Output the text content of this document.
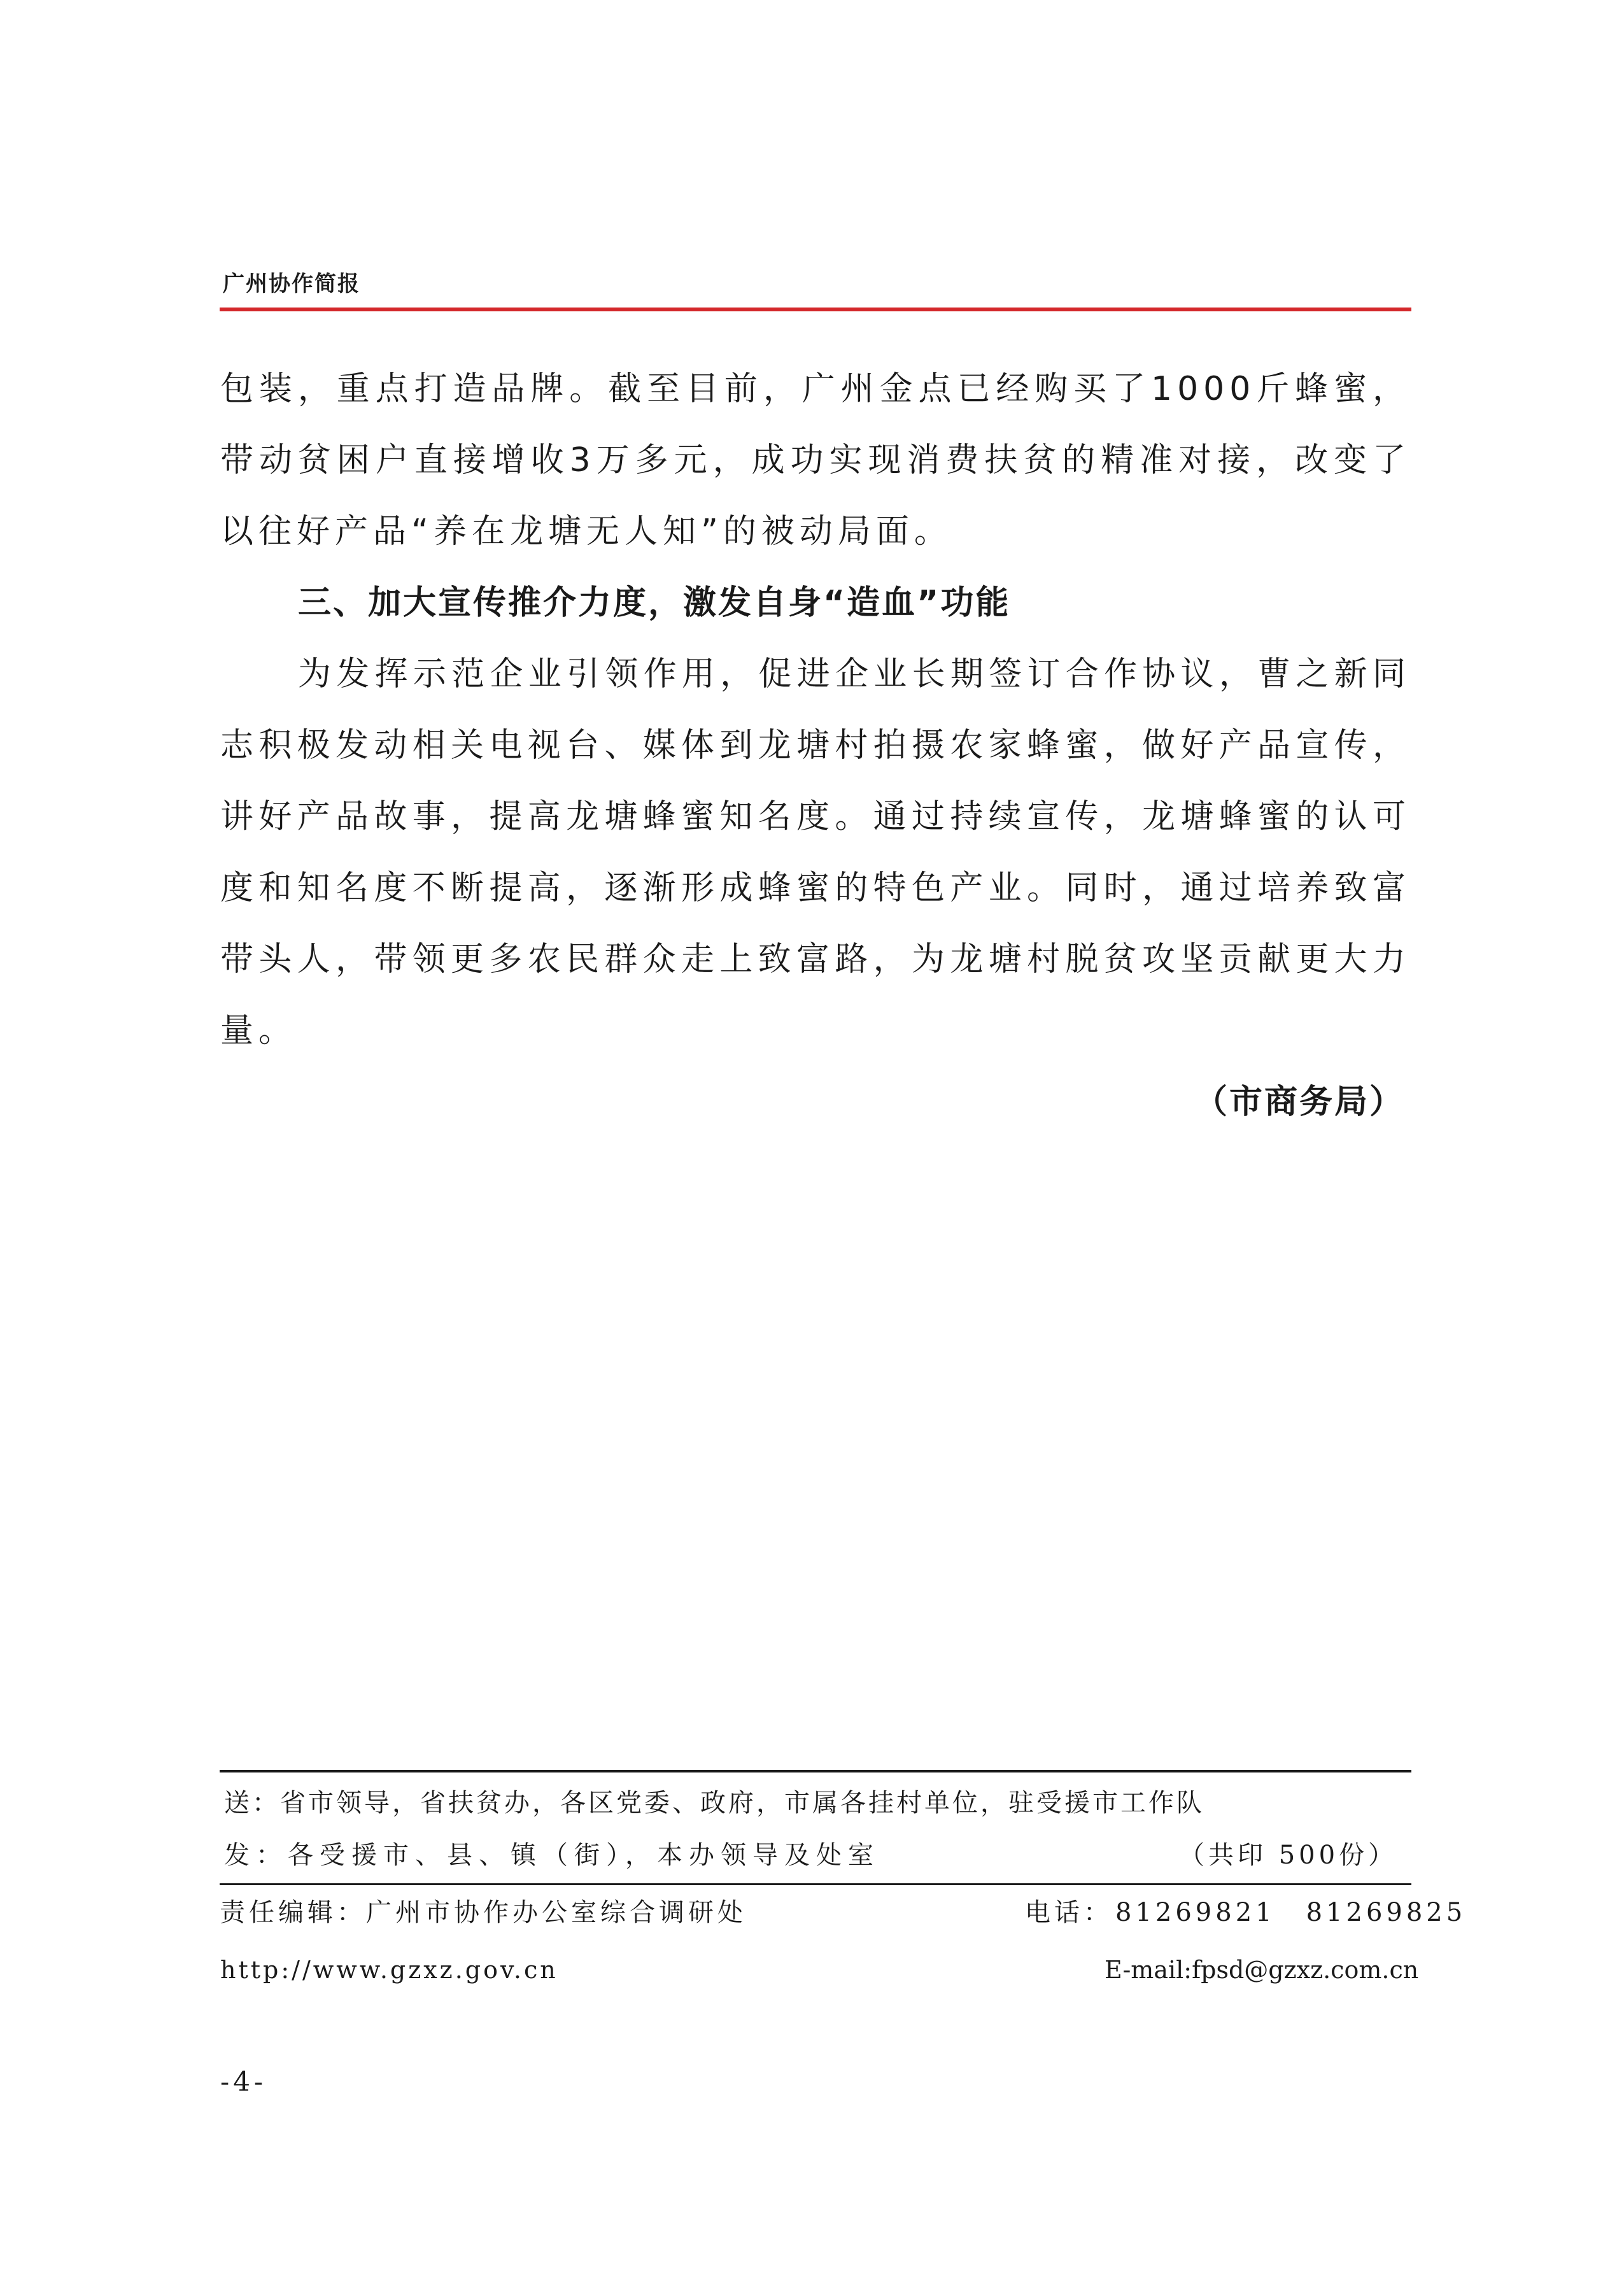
广州协作简报

包装，重点打造品牌。截至目前，广州金点已经购买了1000斤蜂蜜，带动贫困户直接增收3万多元，成功实现消费扶贫的精准对接，改变了以往好产品“养在龙塘无人知”的被动局面。

三、加大宣传推介力度，激发自身“造血”功能

为发挥示范企业引领作用，促进企业长期签订合作协议，曹之新同志积极发动相关电视台、媒体到龙塘村拍摄农家蜂蜜，做好产品宣传，讲好产品故事，提高龙塘蜂蜜知名度。通过持续宣传，龙塘蜂蜜的认可度和知名度不断提高，逐渐形成蜂蜜的特色产业。同时，通过培养致富带头人，带领更多农民群众走上致富路，为龙塘村脱贫攻坚贡献更大力量。

（市商务局）

送：省市领导，省扶贫办，各区党委、政府，市属各挂村单位，驻受援市工作队
发：各受援市、县、镇（街），本办领导及处室	（共印 500份）
责任编辑：广州市协作办公室综合调研处	电话： 81269821 81269825
http://www.gzxz.gov.cn	E-mail:fpsd@gzxz.com.cn
-4-
